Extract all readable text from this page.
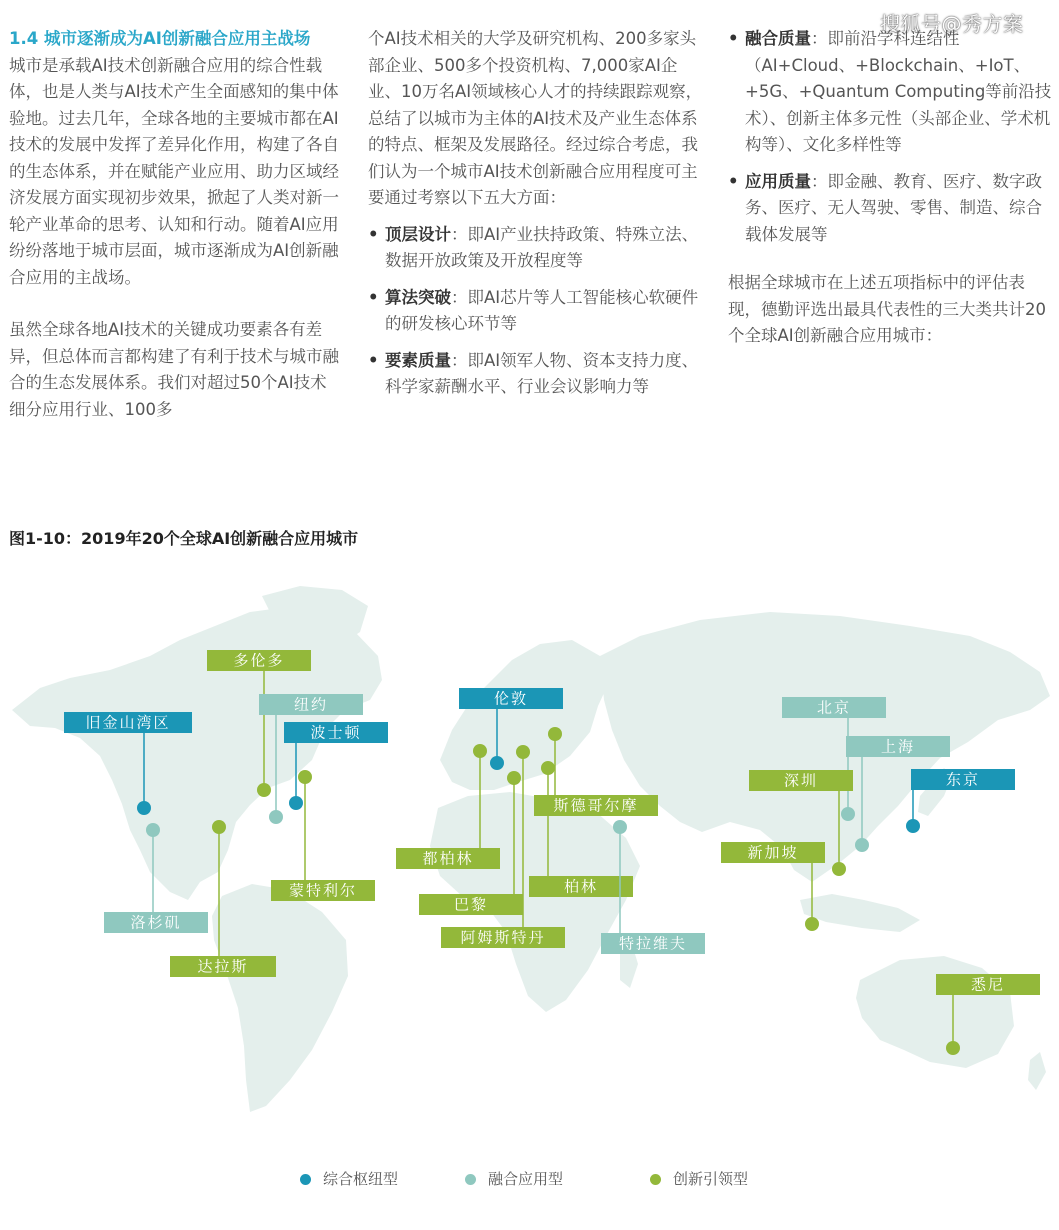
搜狐号@秀方案

1.4 城市逐渐成为AI创新融合应用主战场

城市是承载AI技术创新融合应用的综合性载体，也是人类与AI技术产生全面感知的集中体验地。过去几年，全球各地的主要城市都在AI技术的发展中发挥了差异化作用，构建了各自的生态体系，并在赋能产业应用、助力区域经济发展方面实现初步效果，掀起了人类对新一轮产业革命的思考、认知和行动。随着AI应用纷纷落地于城市层面，城市逐渐成为AI创新融合应用的主战场。

虽然全球各地AI技术的关键成功要素各有差异，但总体而言都构建了有利于技术与城市融合的生态发展体系。我们对超过50个AI技术细分应用行业、100多

个AI技术相关的大学及研究机构、200多家头部企业、500多个投资机构、7,000家AI企业、10万名AI领域核心人才的持续跟踪观察，总结了以城市为主体的AI技术及产业生态体系的特点、框架及发展路径。经过综合考虑，我们认为一个城市AI技术创新融合应用程度可主要通过考察以下五大方面：

• 顶层设计：即AI产业扶持政策、特殊立法、数据开放政策及开放程度等
• 算法突破：即AI芯片等人工智能核心软硬件的研发核心环节等
• 要素质量：即AI领军人物、资本支持力度、科学家薪酬水平、行业会议影响力等
• 融合质量：即前沿学科连结性（AI+Cloud、+Blockchain、+IoT、+5G、+Quantum Computing等前沿技术）、创新主体多元性（头部企业、学术机构等）、文化多样性等
• 应用质量：即金融、教育、医疗、数字政务、医疗、无人驾驶、零售、制造、综合载体发展等

根据全球城市在上述五项指标中的评估表现，德勤评选出最具代表性的三大类共计20个全球AI创新融合应用城市：

图1-10：2019年20个全球AI创新融合应用城市
旧金山湾区
洛杉矶
达拉斯
多伦多
纽约
波士顿
蒙特利尔
伦敦
都柏林
巴黎
阿姆斯特丹
柏林
斯德哥尔摩
特拉维夫
北京
上海
深圳	东京
新加坡
悉尼
综合枢纽型	融合应用型	创新引领型
